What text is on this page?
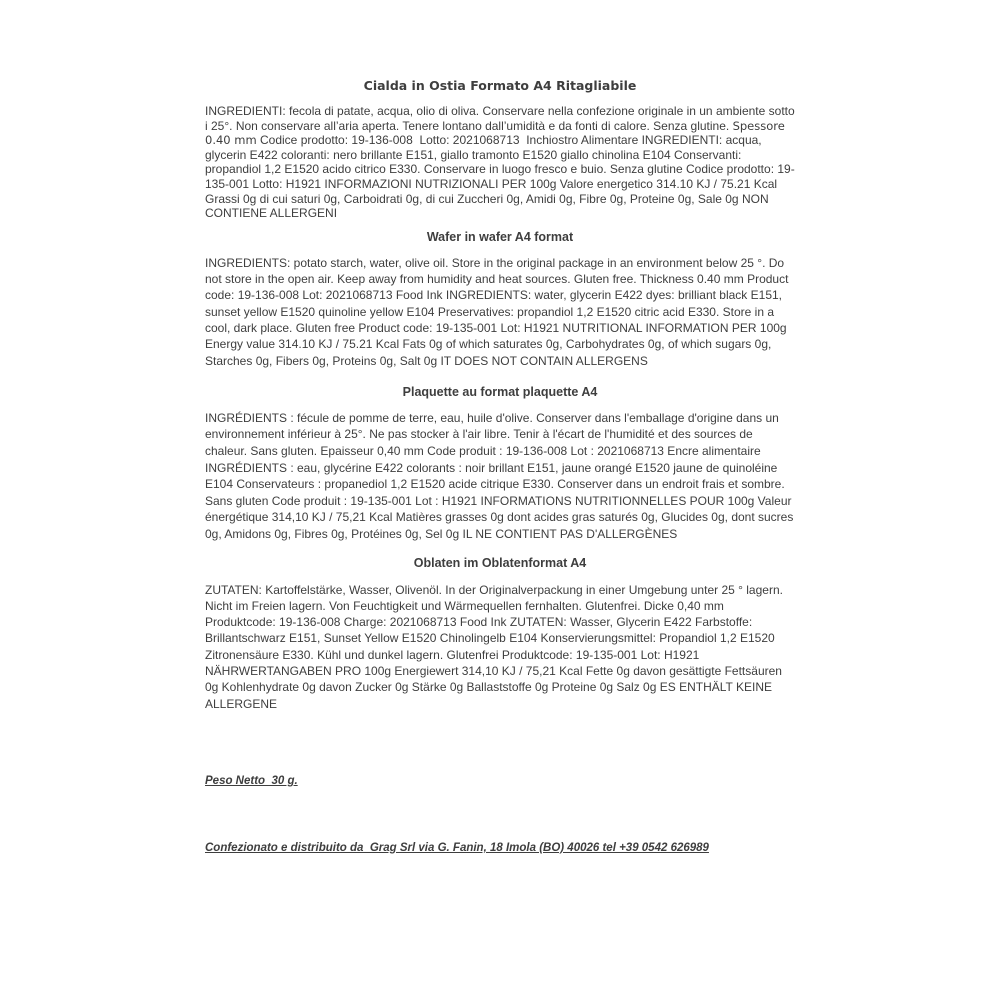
Cialda in Ostia Formato A4 Ritagliabile

INGREDIENTI: fecola di patate, acqua, olio di oliva. Conservare nella confezione originale in un ambiente sotto i 25°. Non conservare all’aria aperta. Tenere lontano dall’umidità e da fonti di calore. Senza glutine. Spessore 0.40 mm Codice prodotto: 19-136-008  Lotto: 2021068713  Inchiostro Alimentare INGREDIENTI: acqua, glycerin E422 coloranti: nero brillante E151, giallo tramonto E1520 giallo chinolina E104 Conservanti: propandiol 1,2 E1520 acido citrico E330. Conservare in luogo fresco e buio. Senza glutine Codice prodotto: 19-135-001 Lotto: H1921 INFORMAZIONI NUTRIZIONALI PER 100g Valore energetico 314.10 KJ / 75.21 Kcal Grassi 0g di cui saturi 0g, Carboidrati 0g, di cui Zuccheri 0g, Amidi 0g, Fibre 0g, Proteine 0g, Sale 0g NON CONTIENE ALLERGENI

Wafer in wafer A4 format

INGREDIENTS: potato starch, water, olive oil. Store in the original package in an environment below 25 °. Do not store in the open air. Keep away from humidity and heat sources. Gluten free. Thickness 0.40 mm Product code: 19-136-008 Lot: 2021068713 Food Ink INGREDIENTS: water, glycerin E422 dyes: brilliant black E151, sunset yellow E1520 quinoline yellow E104 Preservatives: propandiol 1,2 E1520 citric acid E330. Store in a cool, dark place. Gluten free Product code: 19-135-001 Lot: H1921 NUTRITIONAL INFORMATION PER 100g Energy value 314.10 KJ / 75.21 Kcal Fats 0g of which saturates 0g, Carbohydrates 0g, of which sugars 0g, Starches 0g, Fibers 0g, Proteins 0g, Salt 0g IT DOES NOT CONTAIN ALLERGENS

Plaquette au format plaquette A4

INGRÉDIENTS : fécule de pomme de terre, eau, huile d'olive. Conserver dans l'emballage d'origine dans un environnement inférieur à 25°. Ne pas stocker à l'air libre. Tenir à l'écart de l'humidité et des sources de chaleur. Sans gluten. Epaisseur 0,40 mm Code produit : 19-136-008 Lot : 2021068713 Encre alimentaire INGRÉDIENTS : eau, glycérine E422 colorants : noir brillant E151, jaune orangé E1520 jaune de quinoléine E104 Conservateurs : propanediol 1,2 E1520 acide citrique E330. Conserver dans un endroit frais et sombre. Sans gluten Code produit : 19-135-001 Lot : H1921 INFORMATIONS NUTRITIONNELLES POUR 100g Valeur énergétique 314,10 KJ / 75,21 Kcal Matières grasses 0g dont acides gras saturés 0g, Glucides 0g, dont sucres 0g, Amidons 0g, Fibres 0g, Protéines 0g, Sel 0g IL NE CONTIENT PAS D'ALLERGÈNES

Oblaten im Oblatenformat A4

ZUTATEN: Kartoffelstärke, Wasser, Olivenöl. In der Originalverpackung in einer Umgebung unter 25 ° lagern. Nicht im Freien lagern. Von Feuchtigkeit und Wärmequellen fernhalten. Glutenfrei. Dicke 0,40 mm Produktcode: 19-136-008 Charge: 2021068713 Food Ink ZUTATEN: Wasser, Glycerin E422 Farbstoffe: Brillantschwarz E151, Sunset Yellow E1520 Chinolingelb E104 Konservierungsmittel: Propandiol 1,2 E1520 Zitronensäure E330. Kühl und dunkel lagern. Glutenfrei Produktcode: 19-135-001 Lot: H1921 NÄHRWERTANGABEN PRO 100g Energiewert 314,10 KJ / 75,21 Kcal Fette 0g davon gesättigte Fettsäuren 0g Kohlenhydrate 0g davon Zucker 0g Stärke 0g Ballaststoffe 0g Proteine 0g Salz 0g ES ENTHÄLT KEINE ALLERGENE

Peso Netto  30 g.
Confezionato e distribuito da  Grag Srl via G. Fanin, 18 Imola (BO) 40026 tel +39 0542 626989
